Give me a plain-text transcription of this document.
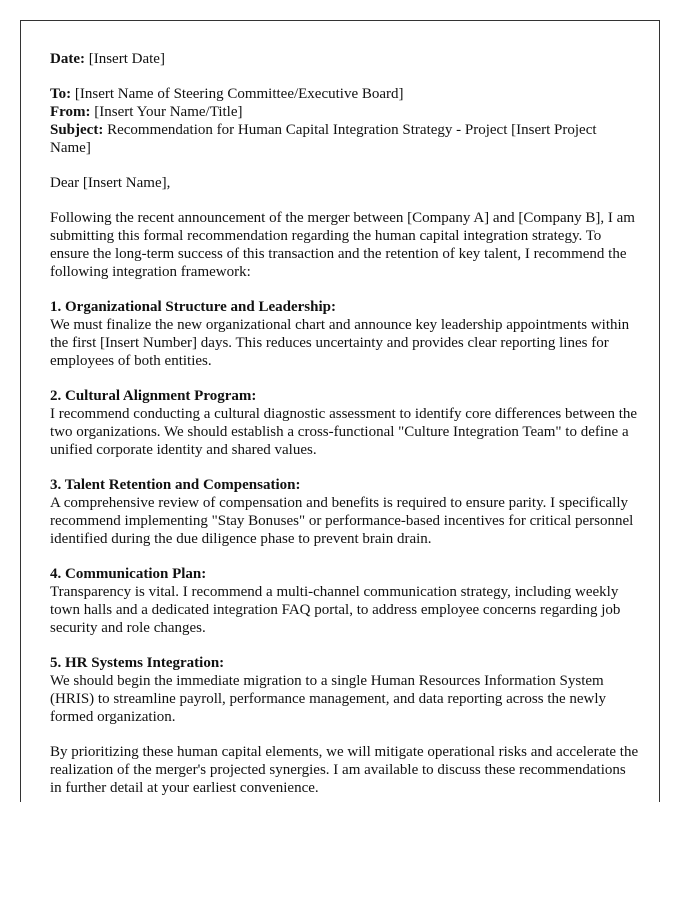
Date: [Insert Date]

To: [Insert Name of Steering Committee/Executive Board]
From: [Insert Your Name/Title]
Subject: Recommendation for Human Capital Integration Strategy - Project [Insert Project Name]

Dear [Insert Name],

Following the recent announcement of the merger between [Company A] and [Company B], I am submitting this formal recommendation regarding the human capital integration strategy. To ensure the long-term success of this transaction and the retention of key talent, I recommend the following integration framework:

1. Organizational Structure and Leadership:
We must finalize the new organizational chart and announce key leadership appointments within the first [Insert Number] days. This reduces uncertainty and provides clear reporting lines for employees of both entities.

2. Cultural Alignment Program:
I recommend conducting a cultural diagnostic assessment to identify core differences between the two organizations. We should establish a cross-functional "Culture Integration Team" to define a unified corporate identity and shared values.

3. Talent Retention and Compensation:
A comprehensive review of compensation and benefits is required to ensure parity. I specifically recommend implementing "Stay Bonuses" or performance-based incentives for critical personnel identified during the due diligence phase to prevent brain drain.

4. Communication Plan:
Transparency is vital. I recommend a multi-channel communication strategy, including weekly town halls and a dedicated integration FAQ portal, to address employee concerns regarding job security and role changes.

5. HR Systems Integration:
We should begin the immediate migration to a single Human Resources Information System (HRIS) to streamline payroll, performance management, and data reporting across the newly formed organization.

By prioritizing these human capital elements, we will mitigate operational risks and accelerate the realization of the merger's projected synergies. I am available to discuss these recommendations in further detail at your earliest convenience.
